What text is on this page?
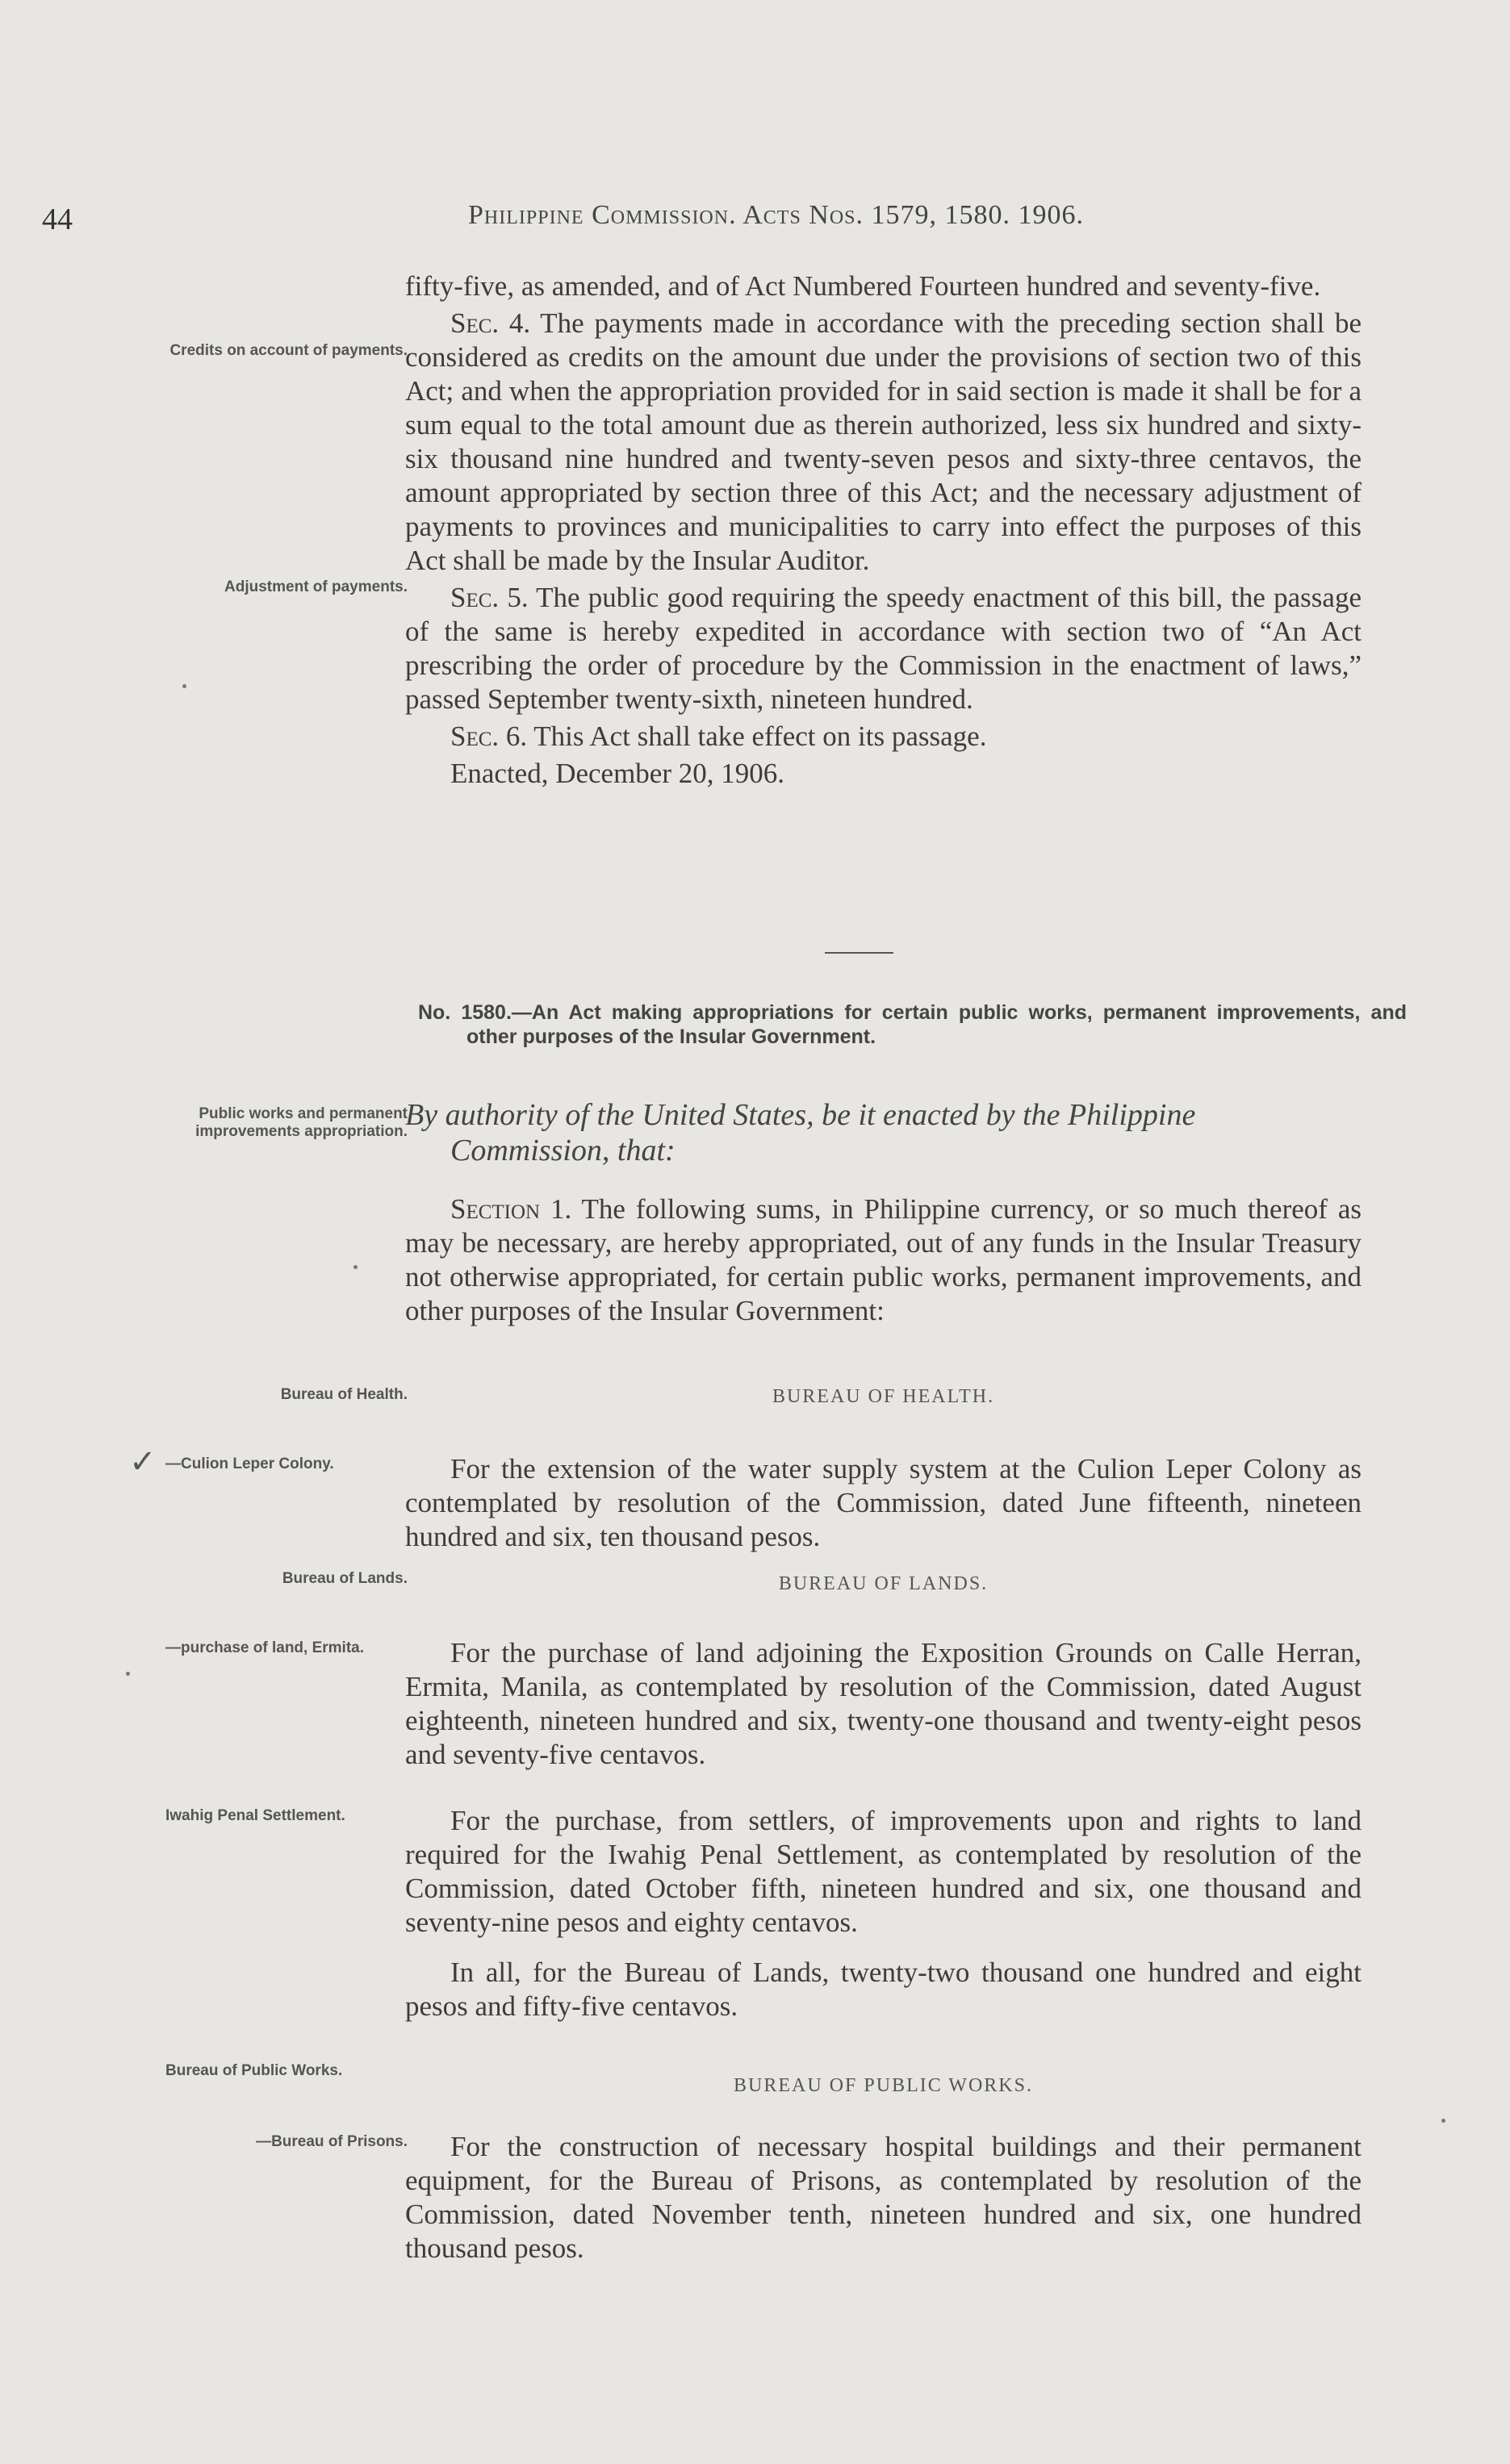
44	Philippine Commission. Acts Nos. 1579, 1580. 1906.
Credits on account of payments.
Adjustment of payments.
Public works and permanent improvements appropriation.
Bureau of Health.
—Culion Leper Colony.
Bureau of Lands.
—purchase of land, Ermita.
Iwahig Penal Settlement.
Bureau of Public Works.
—Bureau of Prisons.

fifty-five, as amended, and of Act Numbered Fourteen hundred and seventy-five.

Sec. 4. The payments made in accordance with the preceding section shall be considered as credits on the amount due under the provisions of section two of this Act; and when the appropriation provided for in said section is made it shall be for a sum equal to the total amount due as therein authorized, less six hundred and sixty-six thousand nine hundred and twenty-seven pesos and sixty-three centavos, the amount appropriated by section three of this Act; and the necessary adjustment of payments to provinces and municipalities to carry into effect the purposes of this Act shall be made by the Insular Auditor.

Sec. 5. The public good requiring the speedy enactment of this bill, the passage of the same is hereby expedited in accordance with section two of “An Act prescribing the order of procedure by the Commission in the enactment of laws,” passed September twenty-sixth, nineteen hundred.

Sec. 6. This Act shall take effect on its passage.

Enacted, December 20, 1906.

No. 1580.—An Act making appropriations for certain public works, permanent improvements, and other purposes of the Insular Government.
By authority of the United States, be it enacted by the Philippine
Commission, that:

Section 1. The following sums, in Philippine currency, or so much thereof as may be necessary, are hereby appropriated, out of any funds in the Insular Treasury not otherwise appropriated, for certain public works, permanent improvements, and other purposes of the Insular Government:

BUREAU OF HEALTH.

For the extension of the water supply system at the Culion Leper Colony as contemplated by resolution of the Commission, dated June fifteenth, nineteen hundred and six, ten thousand pesos.

BUREAU OF LANDS.

For the purchase of land adjoining the Exposition Grounds on Calle Herran, Ermita, Manila, as contemplated by resolution of the Commission, dated August eighteenth, nineteen hundred and six, twenty-one thousand and twenty-eight pesos and seventy-five centavos.

For the purchase, from settlers, of improvements upon and rights to land required for the Iwahig Penal Settlement, as contemplated by resolution of the Commission, dated October fifth, nineteen hundred and six, one thousand and seventy-nine pesos and eighty centavos.

In all, for the Bureau of Lands, twenty-two thousand one hundred and eight pesos and fifty-five centavos.

BUREAU OF PUBLIC WORKS.

For the construction of necessary hospital buildings and their permanent equipment, for the Bureau of Prisons, as contemplated by resolution of the Commission, dated November tenth, nineteen hundred and six, one hundred thousand pesos.

✓
